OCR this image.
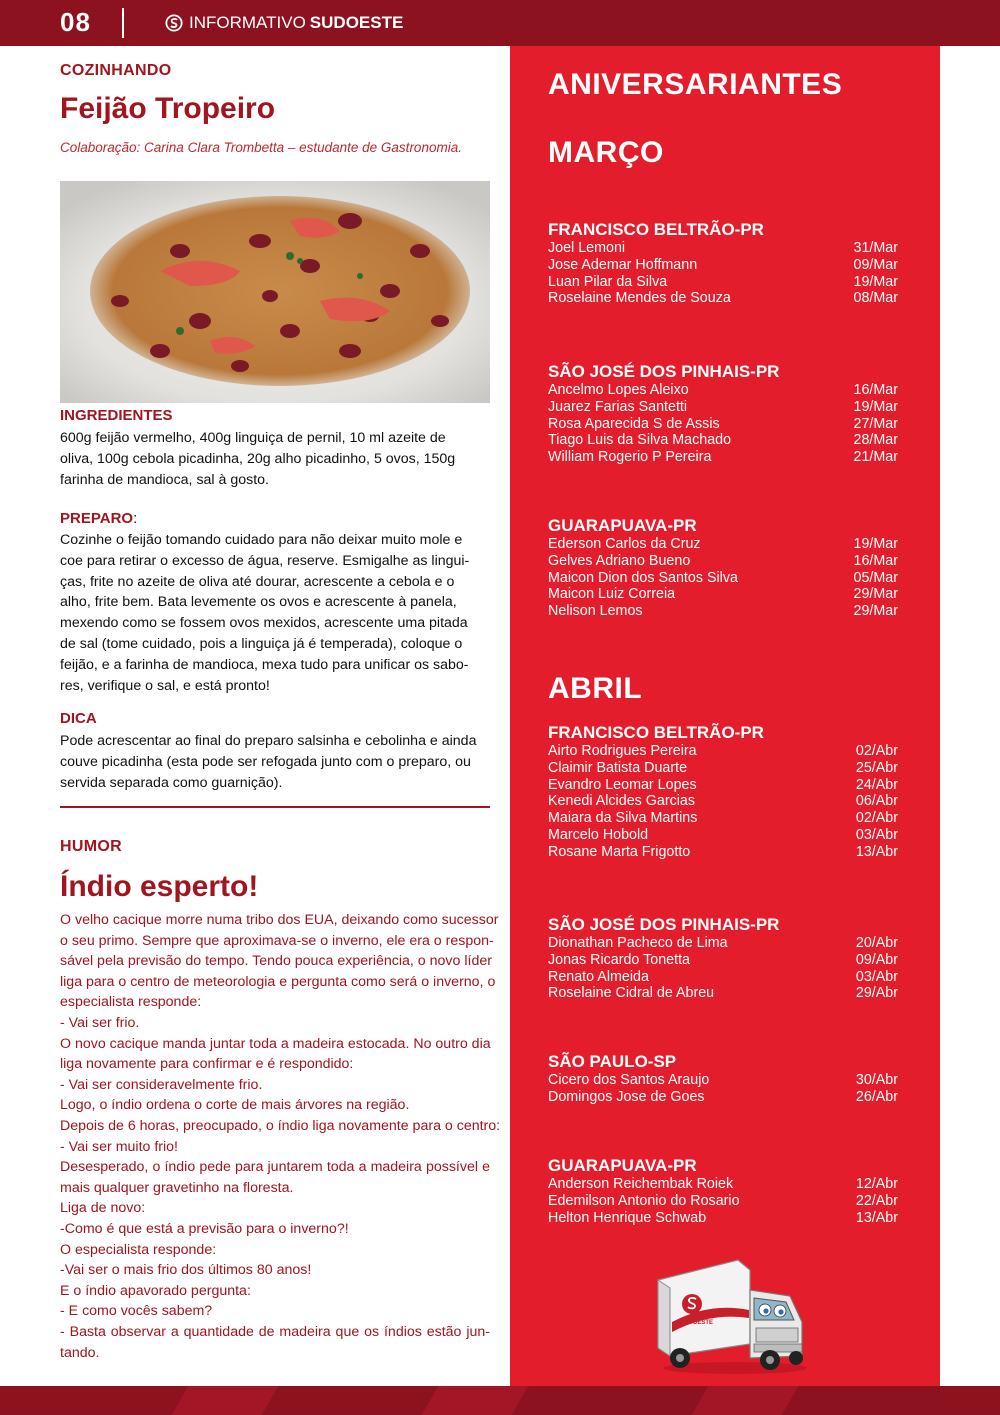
08	INFORMATIVO SUDOESTE
COZINHANDO
Feijão Tropeiro
Colaboração: Carina Clara Trombetta – estudante de Gastronomia.
INGREDIENTES
600g feijão vermelho, 400g linguiça de pernil, 10 ml azeite de
oliva, 100g cebola picadinha, 20g alho picadinho, 5 ovos, 150g
farinha de mandioca, sal à gosto.
PREPARO:
Cozinhe o feijão tomando cuidado para não deixar muito mole e
coe para retirar o excesso de água, reserve. Esmigalhe as lingui-
ças, frite no azeite de oliva até dourar, acrescente a cebola e o
alho, frite bem. Bata levemente os ovos e acrescente à panela,
mexendo como se fossem ovos mexidos, acrescente uma pitada
de sal (tome cuidado, pois a linguiça já é temperada), coloque o
feijão, e a farinha de mandioca, mexa tudo para unificar os sabo-
res, verifique o sal, e está pronto!
DICA
Pode acrescentar ao final do preparo salsinha e cebolinha e ainda
couve picadinha (esta pode ser refogada junto com o preparo, ou
servida separada como guarnição).
HUMOR
Índio esperto!
O velho cacique morre numa tribo dos EUA, deixando como sucessor
o seu primo. Sempre que aproximava-se o inverno, ele era o respon-
sável pela previsão do tempo. Tendo pouca experiência, o novo líder
liga para o centro de meteorologia e pergunta como será o inverno, o
especialista responde:
- Vai ser frio.
O novo cacique manda juntar toda a madeira estocada. No outro dia
liga novamente para confirmar e é respondido:
- Vai ser consideravelmente frio.
Logo, o índio ordena o corte de mais árvores na região.
Depois de 6 horas, preocupado, o índio liga novamente para o centro:
- Vai ser muito frio!
Desesperado, o índio pede para juntarem toda a madeira possível e
mais qualquer gravetinho na floresta.
Liga de novo:
-Como é que está a previsão para o inverno?!
O especialista responde:
-Vai ser o mais frio dos últimos 80 anos!
E o índio apavorado pergunta:
- E como vocês sabem?
- Basta observar a quantidade de madeira que os índios estão jun-
tando.
ANIVERSARIANTES
MARÇO
ABRIL
FRANCISCO BELTRÃO-PR
Joel Lemoni	31/Mar
Jose Ademar Hoffmann	09/Mar
Luan Pilar da Silva	19/Mar
Roselaine Mendes de Souza	08/Mar
SÃO JOSÉ DOS PINHAIS-PR
Ancelmo Lopes Aleixo	16/Mar
Juarez Farias Santetti	19/Mar
Rosa Aparecida S de Assis	27/Mar
Tiago Luis da Silva Machado	28/Mar
William Rogerio P Pereira	21/Mar
GUARAPUAVA-PR
Ederson Carlos da Cruz	19/Mar
Gelves Adriano Bueno	16/Mar
Maicon Dion dos Santos Silva	05/Mar
Maicon Luiz Correia	29/Mar
Nelison Lemos	29/Mar
FRANCISCO BELTRÃO-PR
Airto Rodrigues Pereira	02/Abr
Claimir Batista Duarte	25/Abr
Evandro Leomar Lopes	24/Abr
Kenedi Alcides Garcias	06/Abr
Maiara da Silva Martins	02/Abr
Marcelo Hobold	03/Abr
Rosane Marta Frigotto	13/Abr
SÃO JOSÉ DOS PINHAIS-PR
Dionathan Pacheco de Lima	20/Abr
Jonas Ricardo Tonetta	09/Abr
Renato Almeida	03/Abr
Roselaine Cidral de Abreu	29/Abr
SÃO PAULO-SP
Cicero dos Santos Araujo	30/Abr
Domingos Jose de Goes	26/Abr
GUARAPUAVA-PR
Anderson Reichembak Roiek	12/Abr
Edemilson Antonio do Rosario	22/Abr
Helton Henrique Schwab	13/Abr
SUDOESTE
